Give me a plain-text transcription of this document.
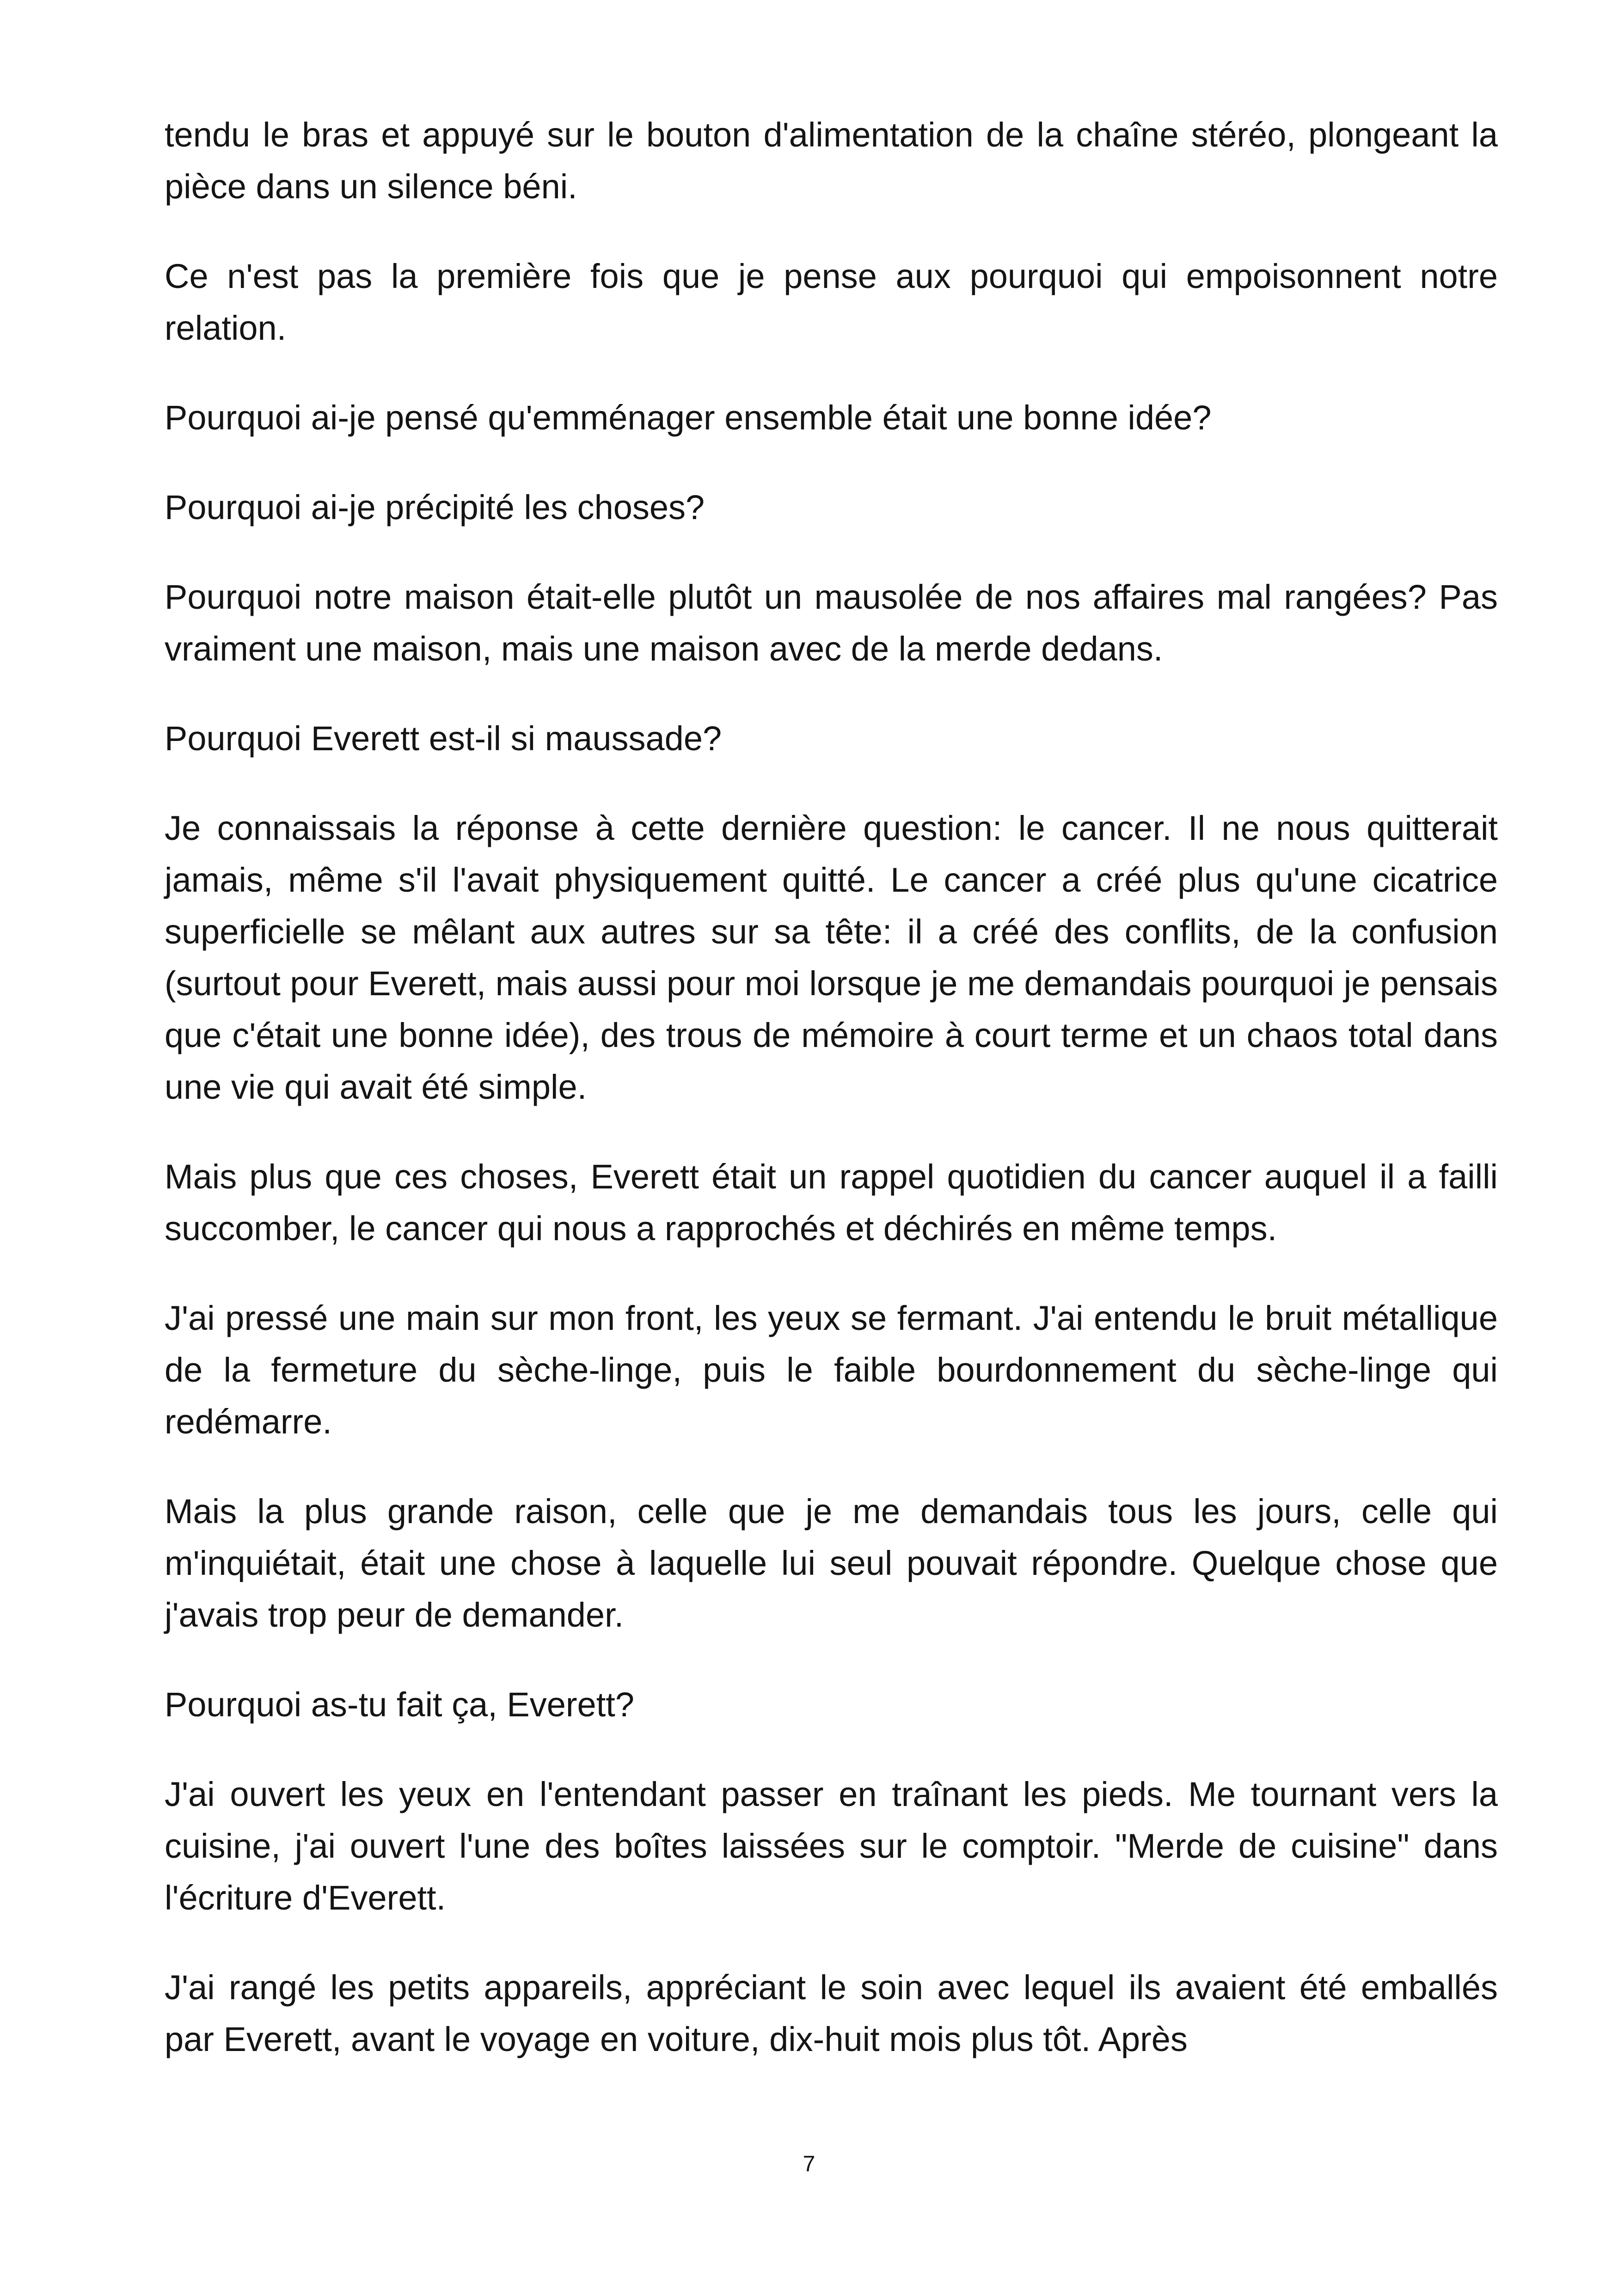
tendu le bras et appuyé sur le bouton d'alimentation de la chaîne stéréo, plongeant la pièce dans un silence béni.

Ce n'est pas la première fois que je pense aux pourquoi qui empoisonnent notre relation.

Pourquoi ai-je pensé qu'emménager ensemble était une bonne idée?

Pourquoi ai-je précipité les choses?

Pourquoi notre maison était-elle plutôt un mausolée de nos affaires mal rangées? Pas vraiment une maison, mais une maison avec de la merde dedans.

Pourquoi Everett est-il si maussade?

Je connaissais la réponse à cette dernière question: le cancer. Il ne nous quitterait jamais, même s'il l'avait physiquement quitté. Le cancer a créé plus qu'une cicatrice superficielle se mêlant aux autres sur sa tête: il a créé des conflits, de la confusion (surtout pour Everett, mais aussi pour moi lorsque je me demandais pourquoi je pensais que c'était une bonne idée), des trous de mémoire à court terme et un chaos total dans une vie qui avait été simple.

Mais plus que ces choses, Everett était un rappel quotidien du cancer auquel il a failli succomber, le cancer qui nous a rapprochés et déchirés en même temps.

J'ai pressé une main sur mon front, les yeux se fermant. J'ai entendu le bruit métallique de la fermeture du sèche-linge, puis le faible bourdonnement du sèche-linge qui redémarre.

Mais la plus grande raison, celle que je me demandais tous les jours, celle qui m'inquiétait, était une chose à laquelle lui seul pouvait répondre. Quelque chose que j'avais trop peur de demander.

Pourquoi as-tu fait ça, Everett?

J'ai ouvert les yeux en l'entendant passer en traînant les pieds. Me tournant vers la cuisine, j'ai ouvert l'une des boîtes laissées sur le comptoir. "Merde de cuisine" dans l'écriture d'Everett.

J'ai rangé les petits appareils, appréciant le soin avec lequel ils avaient été emballés par Everett, avant le voyage en voiture, dix-huit mois plus tôt. Après

7
